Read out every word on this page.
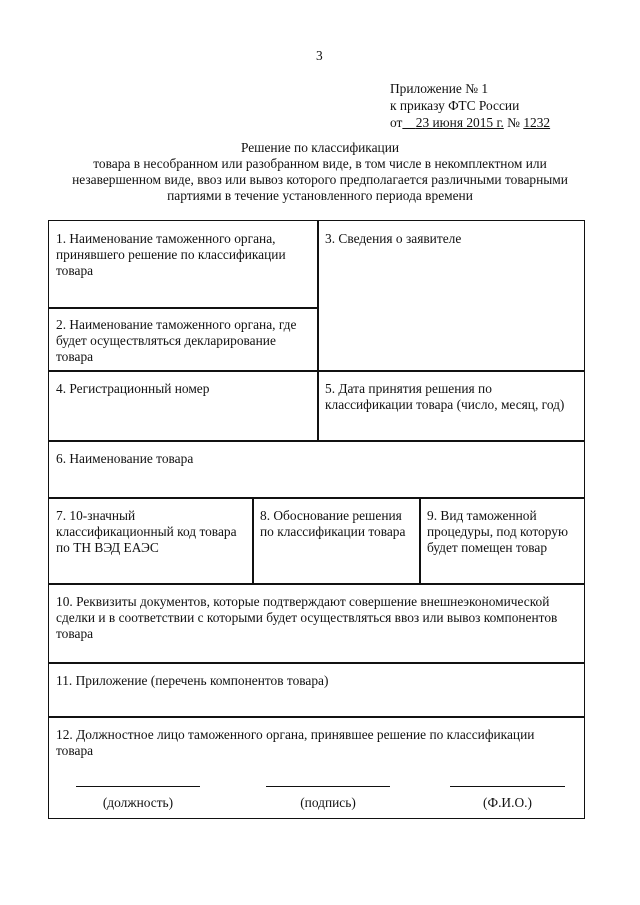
3
Приложение № 1
к приказу ФТС России
от 23 июня 2015 г. № 1232
Решение по классификации
товара в несобранном или разобранном виде, в том числе в некомплектном или
незавершенном виде, ввоз или вывоз которого предполагается различными товарными
партиями в течение установленного периода времени
1. Наименование таможенного органа, принявшего решение по классификации товара
2. Наименование таможенного органа, где будет осуществляться декларирование товара
3. Сведения о заявителе
4. Регистрационный номер	5. Дата принятия решения по классификации товара (число, месяц, год)
6. Наименование товара
7. 10-значный классификационный код товара по ТН ВЭД ЕАЭС
8. Обоснование решения по классификации товара
9. Вид таможенной процедуры, под которую будет помещен товар
10. Реквизиты документов, которые подтверждают совершение внешнеэкономической сделки и в соответствии с которыми будет осуществляться ввоз или вывоз компонентов товара
11. Приложение (перечень компонентов товара)
12. Должностное лицо таможенного органа, принявшее решение по классификации товара
(должность)	(подпись)	(Ф.И.О.)
